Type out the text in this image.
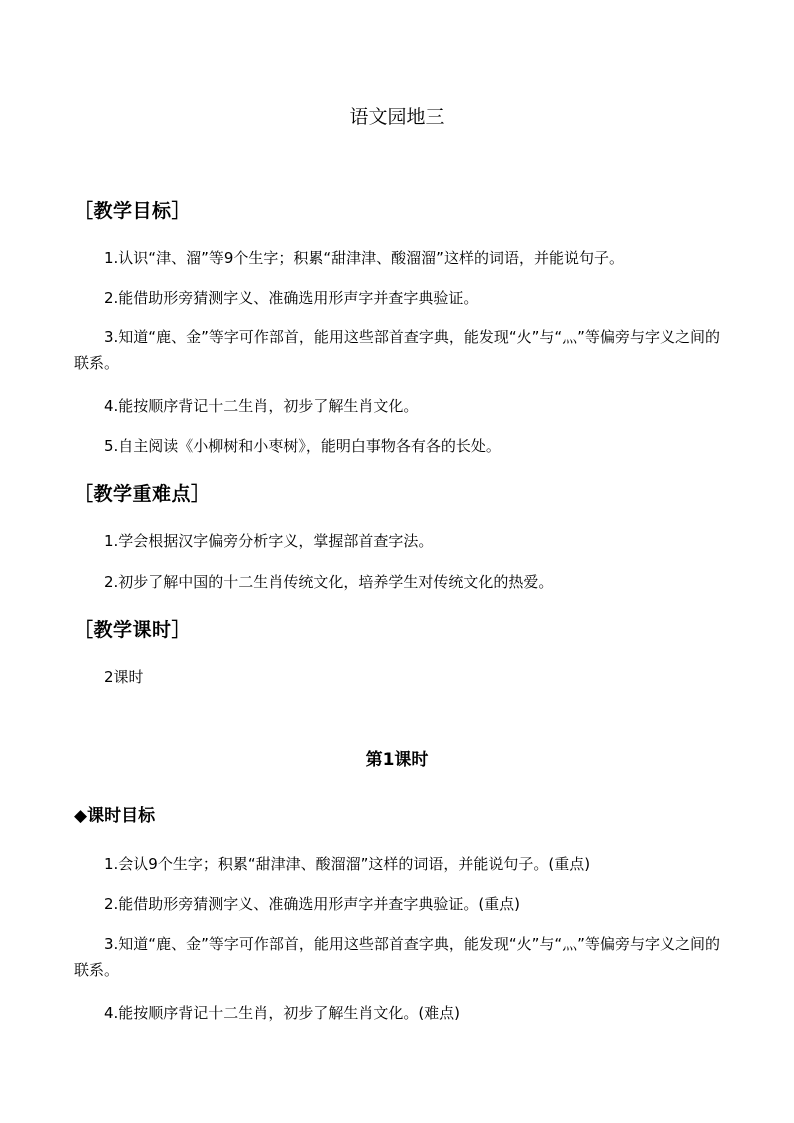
语文园地三
［教学目标］
1.认识“津、溜”等9个生字；积累“甜津津、酸溜溜”这样的词语，并能说句子。
2.能借助形旁猜测字义、准确选用形声字并查字典验证。
3.知道“鹿、金”等字可作部首，能用这些部首查字典，能发现“火”与“灬”等偏旁与字义之间的联系。
4.能按顺序背记十二生肖，初步了解生肖文化。
5.自主阅读《小柳树和小枣树》，能明白事物各有各的长处。
［教学重难点］
1.学会根据汉字偏旁分析字义，掌握部首查字法。
2.初步了解中国的十二生肖传统文化，培养学生对传统文化的热爱。
［教学课时］
2课时
第1课时
◆课时目标
1.会认9个生字；积累“甜津津、酸溜溜”这样的词语，并能说句子。(重点)
2.能借助形旁猜测字义、准确选用形声字并查字典验证。(重点)
3.知道“鹿、金”等字可作部首，能用这些部首查字典，能发现“火”与“灬”等偏旁与字义之间的联系。
4.能按顺序背记十二生肖，初步了解生肖文化。(难点)
